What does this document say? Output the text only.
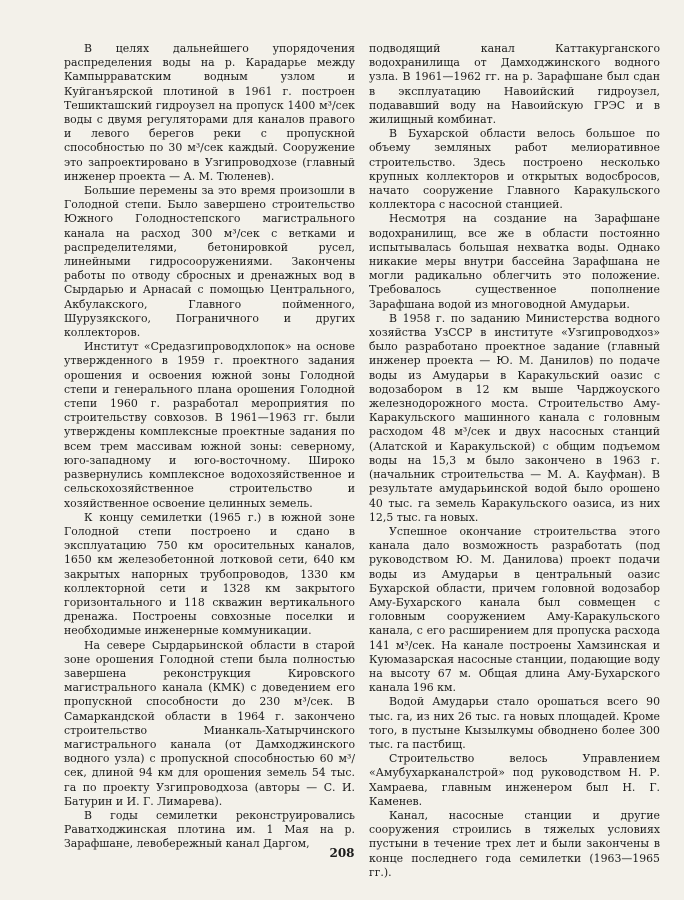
В целях дальнейшего упорядочения распределения воды на р. Карадарье между Кампырраватским водным узлом и Куйганъярской плотиной в 1961 г. построен Тешикташский гидроузел на пропуск 1400 м³/сек воды с двумя регуляторами для каналов правого и левого берегов реки с пропускной способностью по 30 м³/сек каждый. Сооружение это запроектировано в Узгипроводхозе (главный инженер проекта — А. М. Тюленев).

Большие перемены за это время произошли в Голодной степи. Было завершено строительство Южного Голодностепского магистрального канала на расход 300 м³/сек с ветками и распределителями, бетонировкой русел, линейными гидросооружениями. Закончены работы по отводу сбросных и дренажных вод в Сырдарью и Арнасай с помощью Центрального, Акбулакского, Главного пойменного, Шурузякского, Пограничного и других коллекторов.

Институт «Средазгипроводхлопок» на основе утвержденного в 1959 г. проектного задания орошения и освоения южной зоны Голодной степи и генерального плана орошения Голодной степи 1960 г. разработал мероприятия по строительству совхозов. В 1961—1963 гг. были утверждены комплексные проектные задания по всем трем массивам южной зоны: северному, юго-западному и юго-восточному. Широко развернулись комплексное водохозяйственное и сельскохозяйственное строительство и хозяйственное освоение целинных земель.

К концу семилетки (1965 г.) в южной зоне Голодной степи построено и сдано в эксплуатацию 750 км оросительных каналов, 1650 км железобетонной лотковой сети, 640 км закрытых напорных трубопроводов, 1330 км коллекторной сети и 1328 км закрытого горизонтального и 118 скважин вертикального дренажа. Построены совхозные поселки и необходимые инженерные коммуникации.

На севере Сырдарьинской области в старой зоне орошения Голодной степи была полностью завершена реконструкция Кировского магистрального канала (КМК) с доведением его пропускной способности до 230 м³/сек. В Самаркандской области в 1964 г. закончено строительство Мианкаль-Хатырчинского магистрального канала (от Дамходжинского водного узла) с пропускной способностью 60 м³/сек, длиной 94 км для орошения земель 54 тыс. га по проекту Узгипроводхоза (авторы — С. И. Батурин и И. Г. Лимарева).

В годы семилетки реконструировались Раватходжинская плотина им. 1 Мая на р. Зарафшане, левобережный канал Даргом,

подводящий канал Каттакурганского водохранилища от Дамходжинского водного узла. В 1961—1962 гг. на р. Зарафшане был сдан в эксплуатацию Навоийский гидроузел, подававший воду на Навоийскую ГРЭС и в жилищный комбинат.

В Бухарской области велось большое по объему земляных работ мелиоративное строительство. Здесь построено несколько крупных коллекторов и открытых водосбросов, начато сооружение Главного Каракульского коллектора с насосной станцией.

Несмотря на создание на Зарафшане водохранилищ, все же в области постоянно испытывалась большая нехватка воды. Однако никакие меры внутри бассейна Зарафшана не могли радикально облегчить это положение. Требовалось существенное пополнение Зарафшана водой из многоводной Амударьи.

В 1958 г. по заданию Министерства водного хозяйства УзССР в институте «Узгипроводхоз» было разработано проектное задание (главный инженер проекта — Ю. М. Данилов) по подаче воды из Амударьи в Каракульский оазис с водозабором в 12 км выше Чарджоуского железнодорожного моста. Строительство Аму-Каракульского машинного канала с головным расходом 48 м³/сек и двух насосных станций (Алатской и Каракульской) с общим подъемом воды на 15,3 м было закончено в 1963 г. (начальник строительства — М. А. Кауфман). В результате амударьинской водой было орошено 40 тыс. га земель Каракульского оазиса, из них 12,5 тыс. га новых.

Успешное окончание строительства этого канала дало возможность разработать (под руководством Ю. М. Данилова) проект подачи воды из Амударьи в центральный оазис Бухарской области, причем головной водозабор Аму-Бухарского канала был совмещен с головным сооружением Аму-Каракульского канала, с его расширением для пропуска расхода 141 м³/сек. На канале построены Хамзинская и Куюмазарская насосные станции, подающие воду на высоту 67 м. Общая длина Аму-Бухарского канала 196 км.

Водой Амударьи стало орошаться всего 90 тыс. га, из них 26 тыс. га новых площадей. Кроме того, в пустыне Кызылкумы обводнено более 300 тыс. га пастбищ.

Строительство велось Управлением «Амубухарканалстрой» под руководством Н. Р. Хамраева, главным инженером был Н. Г. Каменев.

Канал, насосные станции и другие сооружения строились в тяжелых условиях пустыни в течение трех лет и были закончены в конце последнего года семилетки (1963—1965 гг.).

208
